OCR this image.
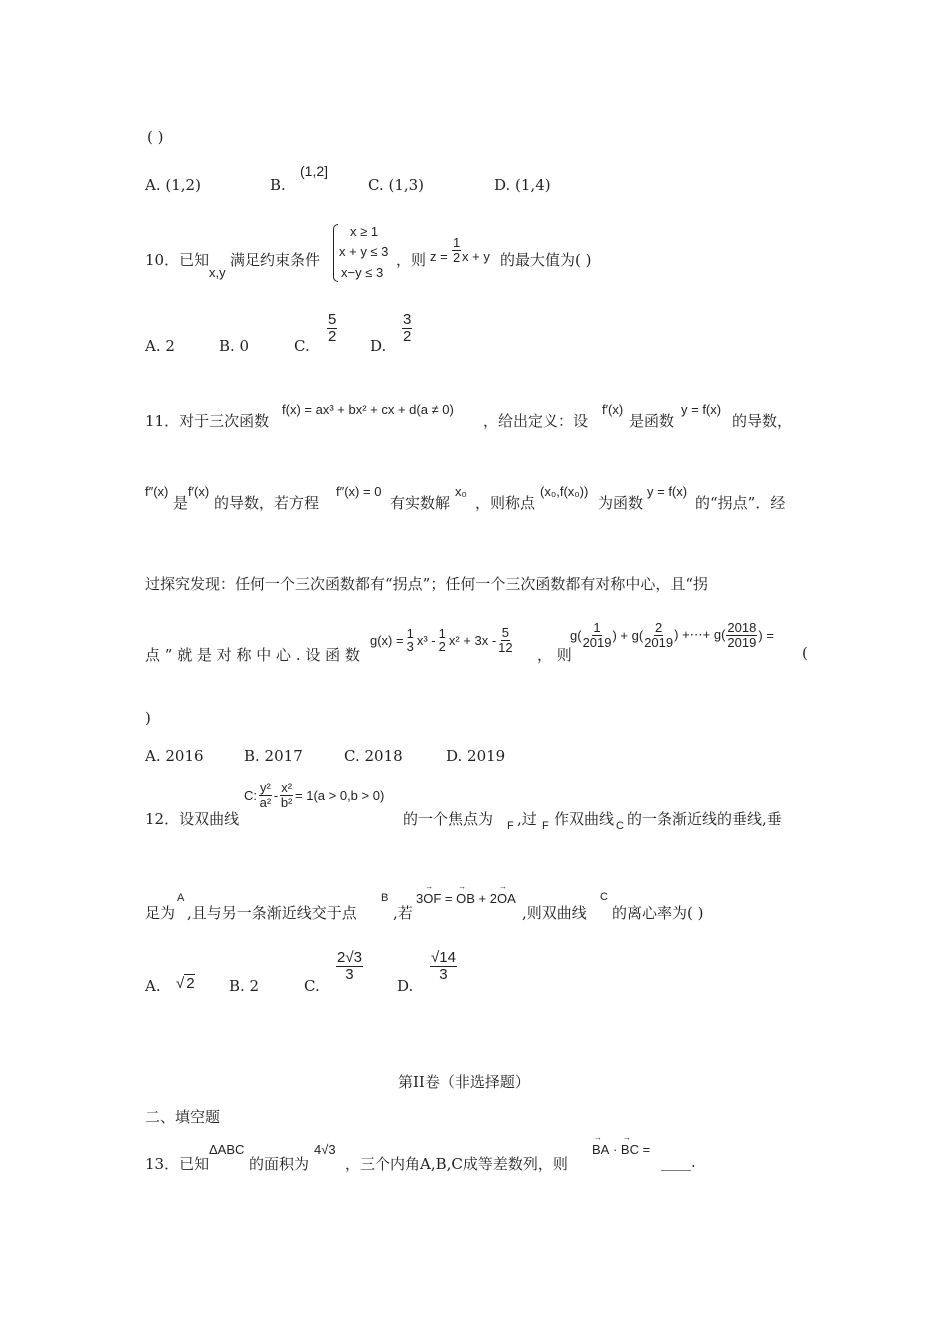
( )
A. (1,2)	B.
(1,2]
C. (1,3)	D. (1,4)
10．已知
x,y
满足约束条件
x ≥ 1
x + y ≤ 3
x−y ≤ 3
，则 $z = \frac{1}{2}$ x + y 的最大值为( )
A. 2	B. 0	C.
$\frac{5}{2}$
D.
$\frac{3}{2}$
11．对于三次函数
f(x) = ax³ + bx² + cx + d(a ≠ 0)
，给出定义：设
f′(x)
是函数
y = f(x)
的导数，
f″(x)
是
f′(x)
的导数，若方程
f″(x) = 0
有实数解
x₀
，则称点
(x₀,f(x₀))
为函数
y = f(x)
的“拐点”．经
过探究发现：任何一个三次函数都有“拐点”；任何一个三次函数都有对称中心，且“拐
点 ” 就 是 对 称 中 心 . 设 函 数
g(x) = 1
3 x³ - 1
2 $x^2 + 3x - \frac{5}{12}$
， 则
$g( \frac{1}{2019}$ ) + $g( \frac{2}{2019}$ ) +⋯+ $g( \frac{2018}{2019}$ ) =
(
)
A. 2016	B. 2017	C. 2018	D. 2019
12．设双曲线
C: $\frac{\text{y²}}{\text{a²}} - \frac{\text{x²}}{\text{b²}} = 1(a > 0,b > 0)$
的一个焦点为 F ,过 F 作双曲线 C 的一条渐近线的垂线,垂
足为
A
,且与另一条渐近线交于点
B
,若
3→ OF = → OB + 2→ OA
,则双曲线
C
的离心率为( )
A. √ 2 B. 2	C.
$\frac{2√3}{3}$
D.
$\frac{√14}{3}$
第II卷（非选择题）
二、填空题
13．已知
ΔABC
的面积为
4√3
，三个内角A,B,C成等差数列，则
→ BA · → BC =
____.
